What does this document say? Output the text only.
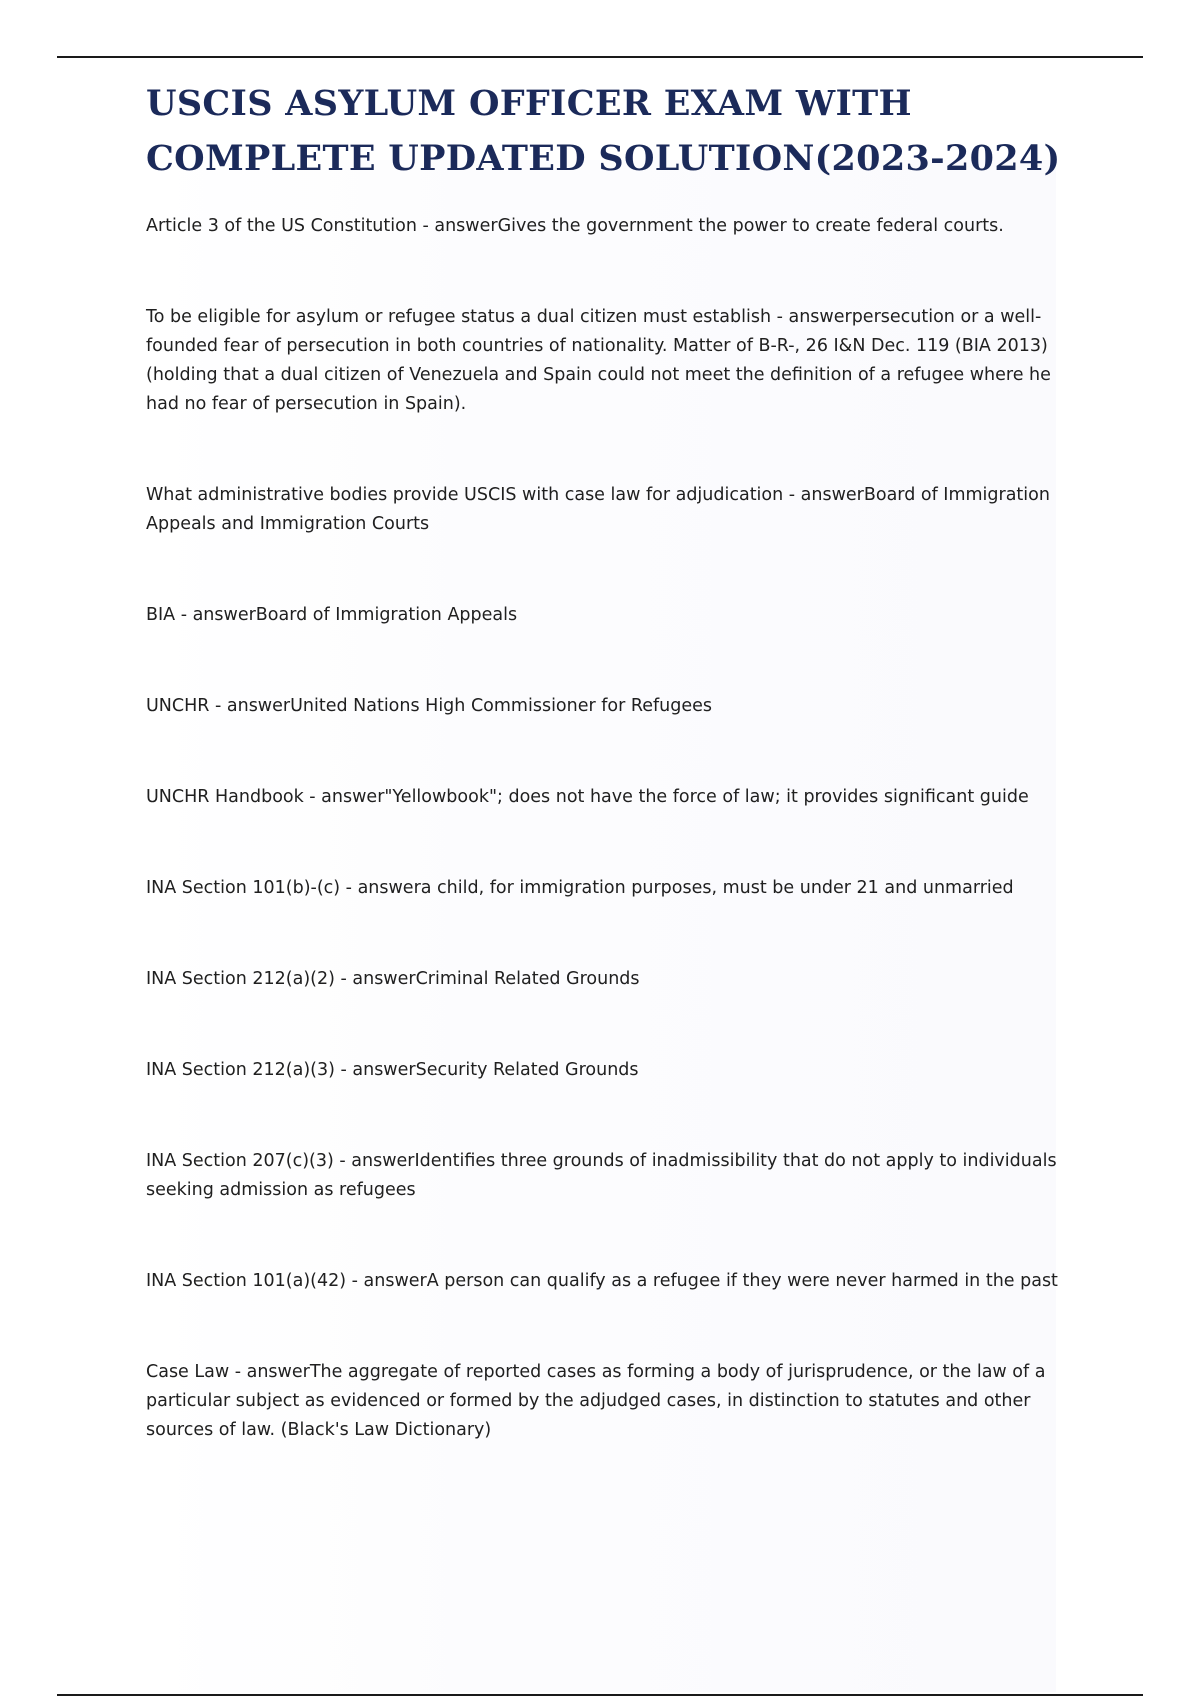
USCIS ASYLUM OFFICER EXAM WITH COMPLETE UPDATED SOLUTION(2023-2024)

Article 3 of the US Constitution - answerGives the government the power to create federal courts.

To be eligible for asylum or refugee status a dual citizen must establish - answerpersecution or a well-founded fear of persecution in both countries of nationality. Matter of B-R-, 26 I&N Dec. 119 (BIA 2013) (holding that a dual citizen of Venezuela and Spain could not meet the definition of a refugee where he had no fear of persecution in Spain).

What administrative bodies provide USCIS with case law for adjudication - answerBoard of Immigration Appeals and Immigration Courts

BIA - answerBoard of Immigration Appeals

UNCHR - answerUnited Nations High Commissioner for Refugees

UNCHR Handbook - answer"Yellowbook"; does not have the force of law; it provides significant guide

INA Section 101(b)-(c) - answera child, for immigration purposes, must be under 21 and unmarried

INA Section 212(a)(2) - answerCriminal Related Grounds

INA Section 212(a)(3) - answerSecurity Related Grounds

INA Section 207(c)(3) - answerIdentifies three grounds of inadmissibility that do not apply to individuals seeking admission as refugees

INA Section 101(a)(42) - answerA person can qualify as a refugee if they were never harmed in the past

Case Law - answerThe aggregate of reported cases as forming a body of jurisprudence, or the law of a particular subject as evidenced or formed by the adjudged cases, in distinction to statutes and other sources of law. (Black's Law Dictionary)
